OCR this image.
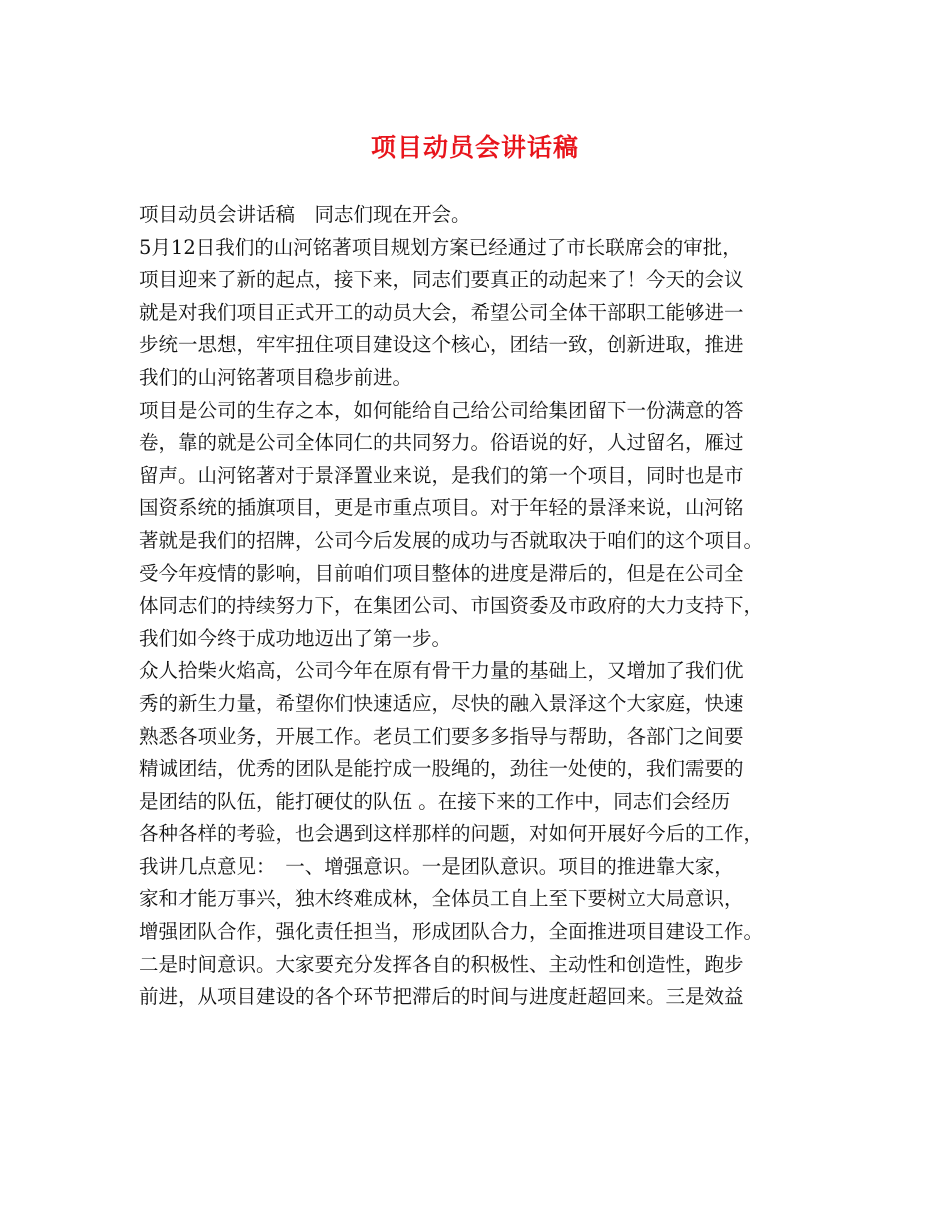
项目动员会讲话稿
项目动员会讲话稿　同志们现在开会。
5月12日我们的山河铭著项目规划方案已经通过了市长联席会的审批，
项目迎来了新的起点，接下来，同志们要真正的动起来了！今天的会议
就是对我们项目正式开工的动员大会，希望公司全体干部职工能够进一
步统一思想，牢牢扭住项目建设这个核心，团结一致，创新进取，推进
我们的山河铭著项目稳步前进。
项目是公司的生存之本，如何能给自己给公司给集团留下一份满意的答
卷，靠的就是公司全体同仁的共同努力。俗语说的好，人过留名，雁过
留声。山河铭著对于景泽置业来说，是我们的第一个项目，同时也是市
国资系统的插旗项目，更是市重点项目。对于年轻的景泽来说，山河铭
著就是我们的招牌，公司今后发展的成功与否就取决于咱们的这个项目。
受今年疫情的影响，目前咱们项目整体的进度是滞后的，但是在公司全
体同志们的持续努力下，在集团公司、市国资委及市政府的大力支持下，
我们如今终于成功地迈出了第一步。
众人拾柴火焰高，公司今年在原有骨干力量的基础上，又增加了我们优
秀的新生力量，希望你们快速适应，尽快的融入景泽这个大家庭，快速
熟悉各项业务，开展工作。老员工们要多多指导与帮助，各部门之间要
精诚团结，优秀的团队是能拧成一股绳的，劲往一处使的，我们需要的
是团结的队伍，能打硬仗的队伍 。在接下来的工作中，同志们会经历
各种各样的考验，也会遇到这样那样的问题，对如何开展好今后的工作，
我讲几点意见：　一、增强意识。一是团队意识。项目的推进靠大家，
家和才能万事兴，独木终难成林，全体员工自上至下要树立大局意识，
增强团队合作，强化责任担当，形成团队合力，全面推进项目建设工作。
二是时间意识。大家要充分发挥各自的积极性、主动性和创造性，跑步
前进，从项目建设的各个环节把滞后的时间与进度赶超回来。三是效益
